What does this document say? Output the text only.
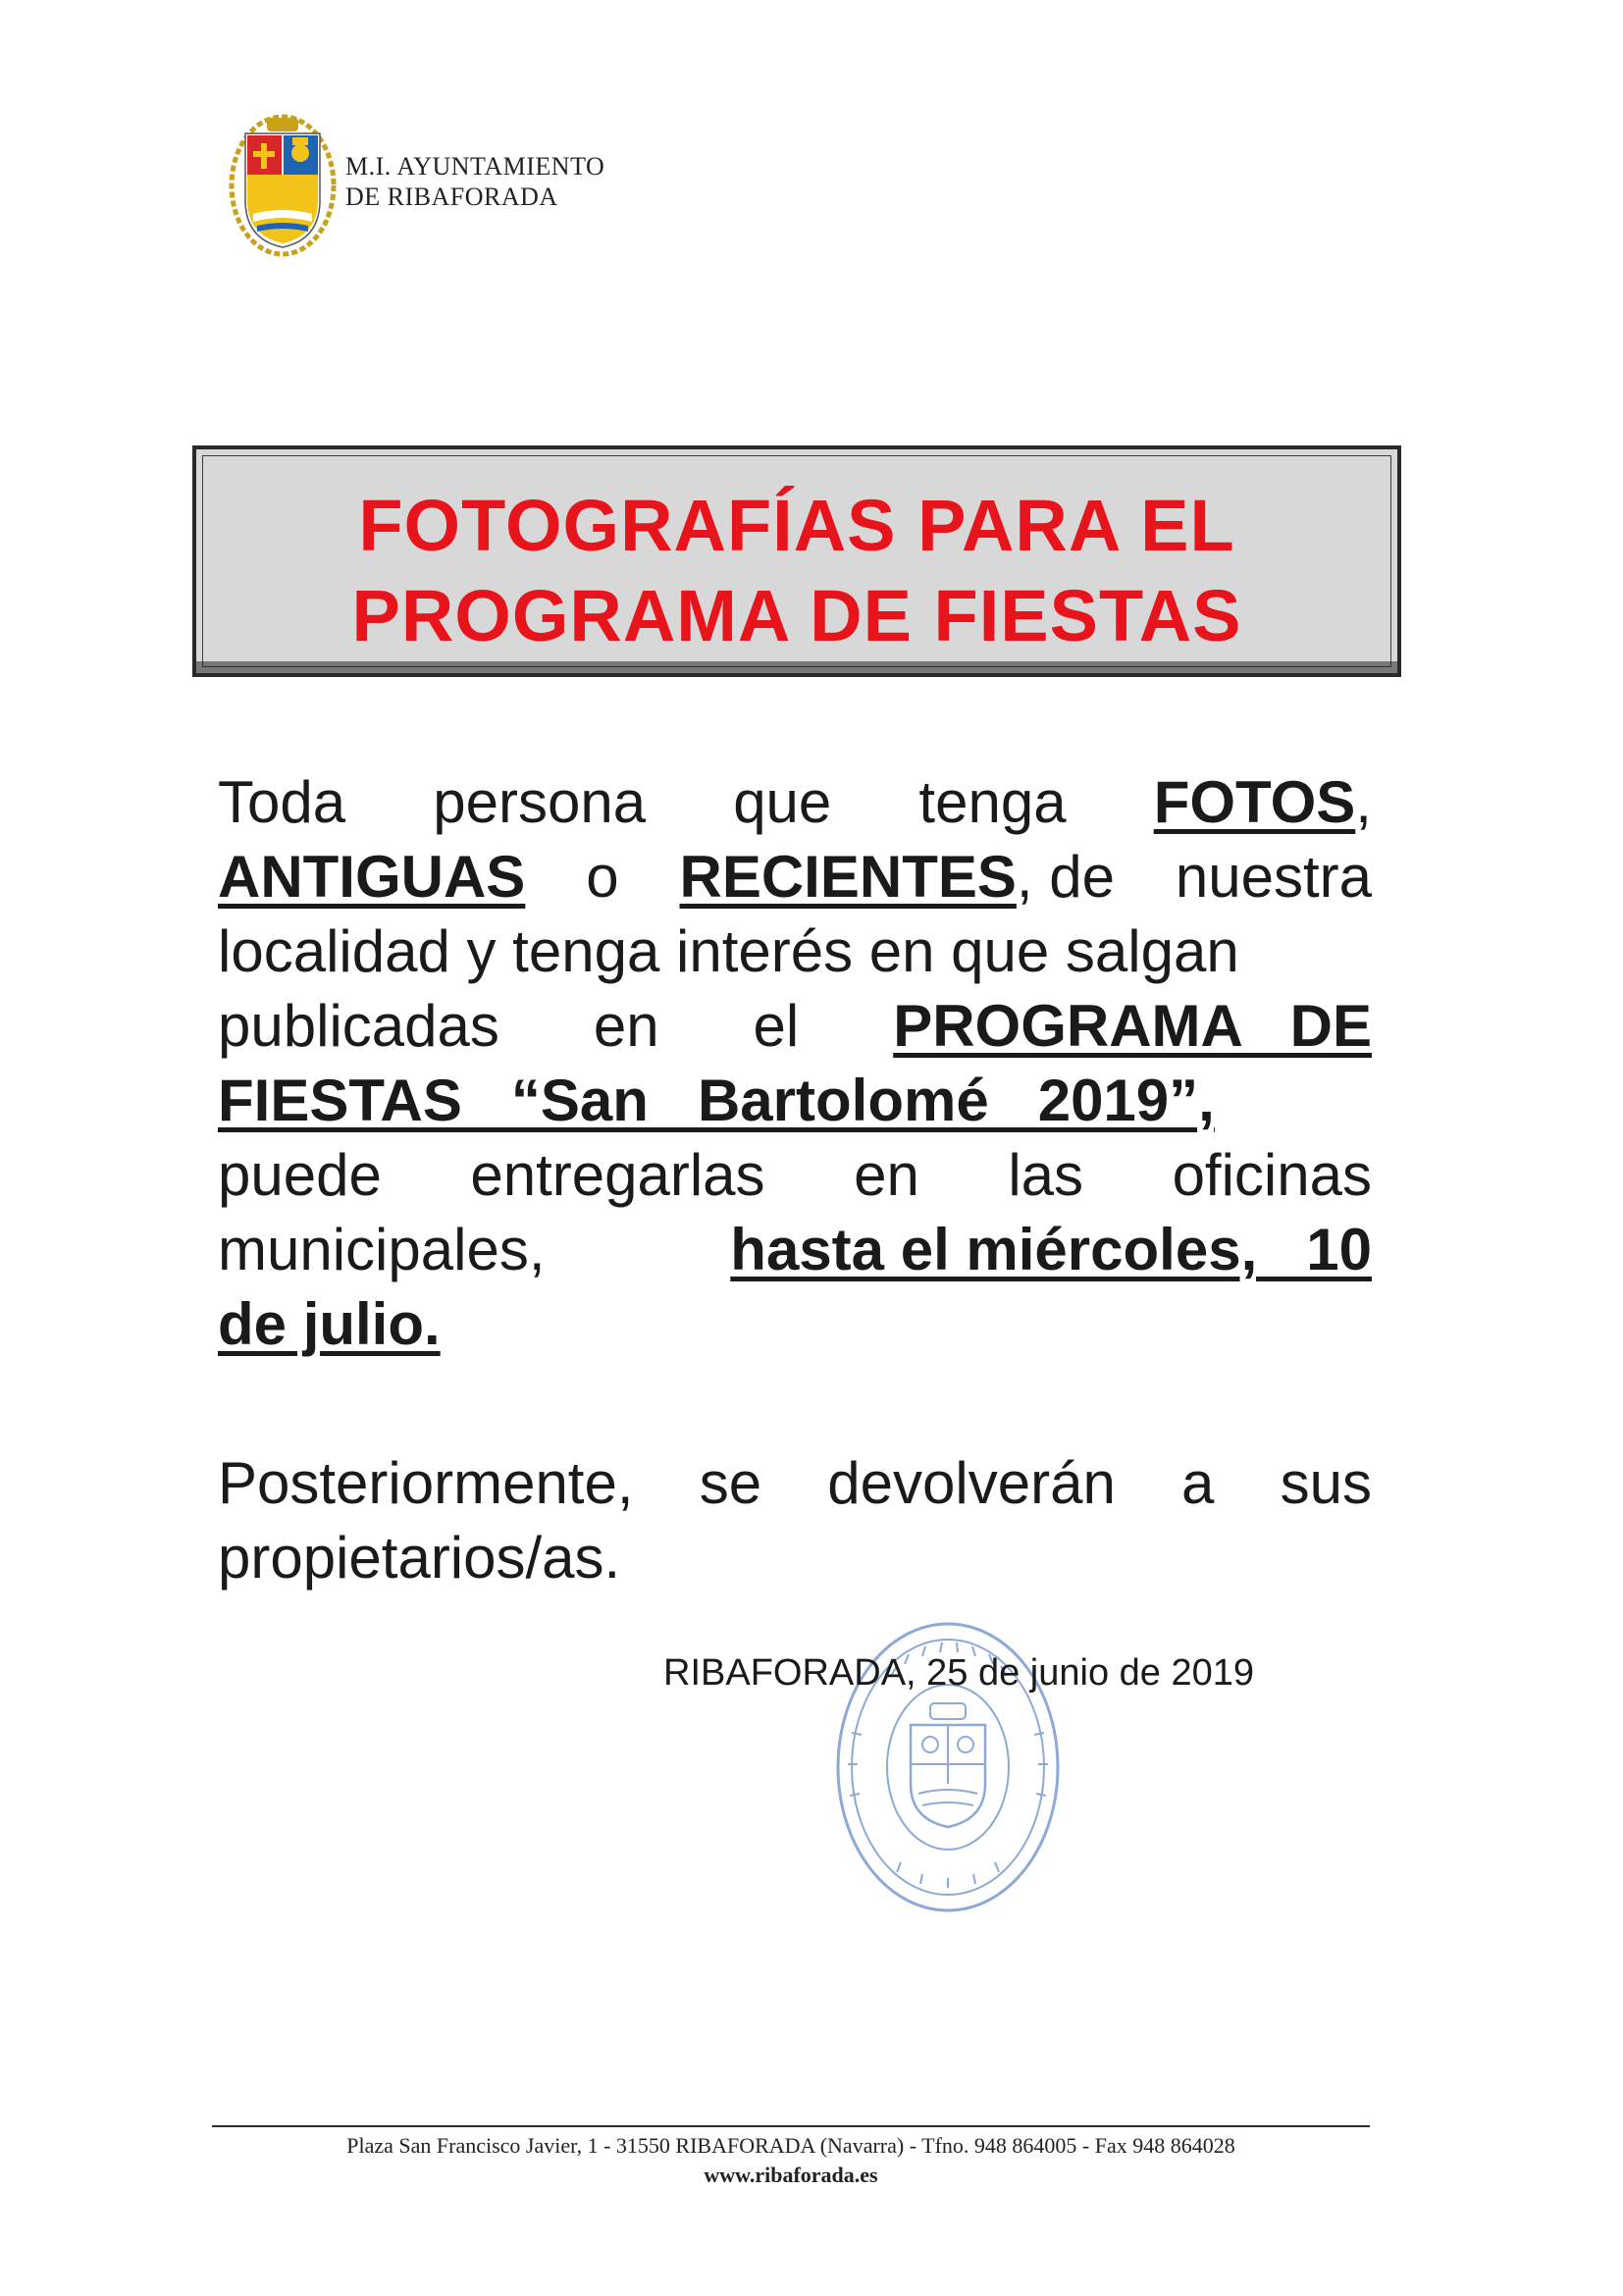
M.I. AYUNTAMIENTO
DE RIBAFORADA
FOTOGRAFÍAS PARA EL
PROGRAMA DE FIESTAS
Toda persona que tenga FOTOS,
ANTIGUAS o RECIENTES, de nuestra
localidad y tenga interés en que salgan
publicadas en el PROGRAMA   DE
FIESTAS   “San   Bartolomé   2019”,
puede entregarlas en las oficinas
municipales,	hasta el miércoles,   10
de julio.
Posteriormente, se devolverán a sus
propietarios/as.
RIBAFORADA, 25 de junio de 2019
Plaza San Francisco Javier, 1 - 31550 RIBAFORADA (Navarra) - Tfno. 948 864005 - Fax 948 864028
www.ribaforada.es
